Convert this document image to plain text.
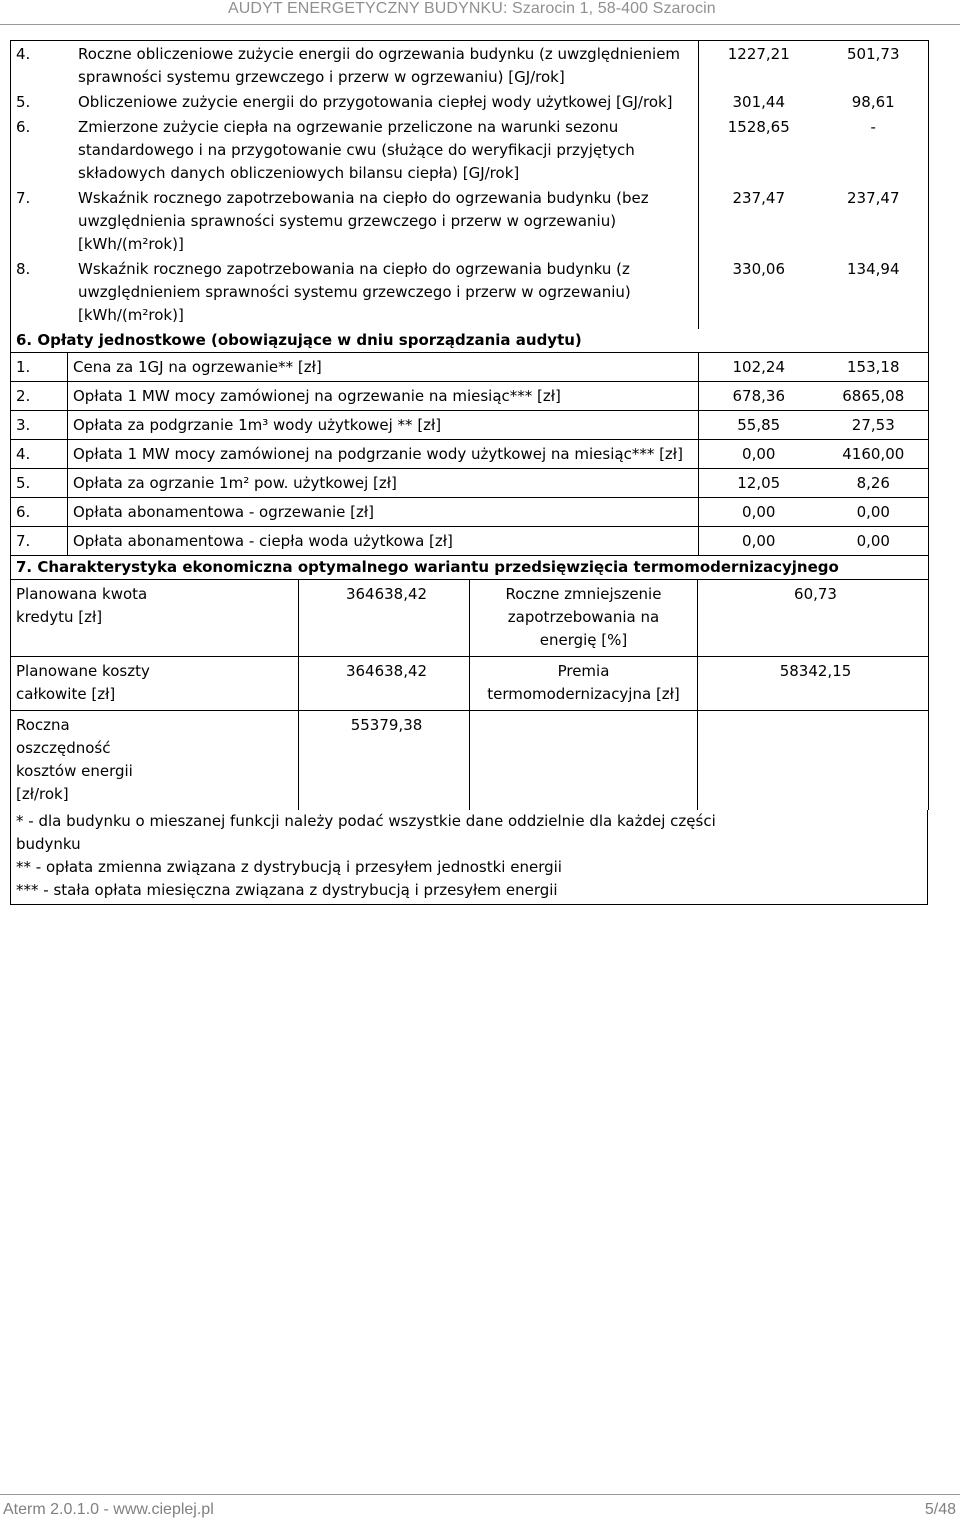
AUDYT ENERGETYCZNY BUDYNKU: Szarocin 1, 58-400 Szarocin
4. Roczne obliczeniowe zużycie energii do ogrzewania budynku (z uwzględnieniem sprawności systemu grzewczego i przerw w ogrzewaniu) [GJ/rok]	1227,21	501,73

5. Obliczeniowe zużycie energii do przygotowania ciepłej wody użytkowej [GJ/rok]	301,44	98,61

6. Zmierzone zużycie ciepła na ogrzewanie przeliczone na warunki sezonu standardowego i na przygotowanie cwu (służące do weryfikacji przyjętych składowych danych obliczeniowych bilansu ciepła) [GJ/rok]	1528,65	-

7. Wskaźnik rocznego zapotrzebowania na ciepło do ogrzewania budynku (bez uwzględnienia sprawności systemu grzewczego i przerw w ogrzewaniu) [kWh/(m²rok)]	237,47	237,47

8. Wskaźnik rocznego zapotrzebowania na ciepło do ogrzewania budynku (z uwzględnieniem sprawności systemu grzewczego i przerw w ogrzewaniu) [kWh/(m²rok)]	330,06	134,94
6. Opłaty jednostkowe (obowiązujące w dniu sporządzania audytu)			
1.	Cena za 1GJ na ogrzewanie** [zł]	102,24	153,18
2.	Opłata 1 MW mocy zamówionej na ogrzewanie na miesiąc*** [zł]	678,36	6865,08
3.	Opłata za podgrzanie 1m³ wody użytkowej ** [zł]	55,85	27,53
4.	Opłata 1 MW mocy zamówionej na podgrzanie wody użytkowej na miesiąc*** [zł]	0,00	4160,00
5.	Opłata za ogrzanie 1m² pow. użytkowej [zł]	12,05	8,26
6.	Opłata abonamentowa - ogrzewanie [zł]	0,00	0,00
7.	Opłata abonamentowa - ciepła woda użytkowa [zł]	0,00	0,00
7. Charakterystyka ekonomiczna optymalnego wariantu przedsięwzięcia termomodernizacyjnego			
Planowana kwota kredytu [zł]	364638,42	Roczne zmniejszenie zapotrzebowania na energię [%]	60,73
Planowane koszty całkowite [zł]	364638,42	Premia termomodernizacyjna [zł]	58342,15
Roczna oszczędność kosztów energii [zł/rok]	55379,38		
* - dla budynku o mieszanej funkcji należy podać wszystkie dane oddzielnie dla każdej części budynku
** - opłata zmienna związana z dystrybucją i przesyłem jednostki energii
*** - stała opłata miesięczna związana z dystrybucją i przesyłem energii
Aterm 2.0.1.0 - www.cieplej.pl	5/48
